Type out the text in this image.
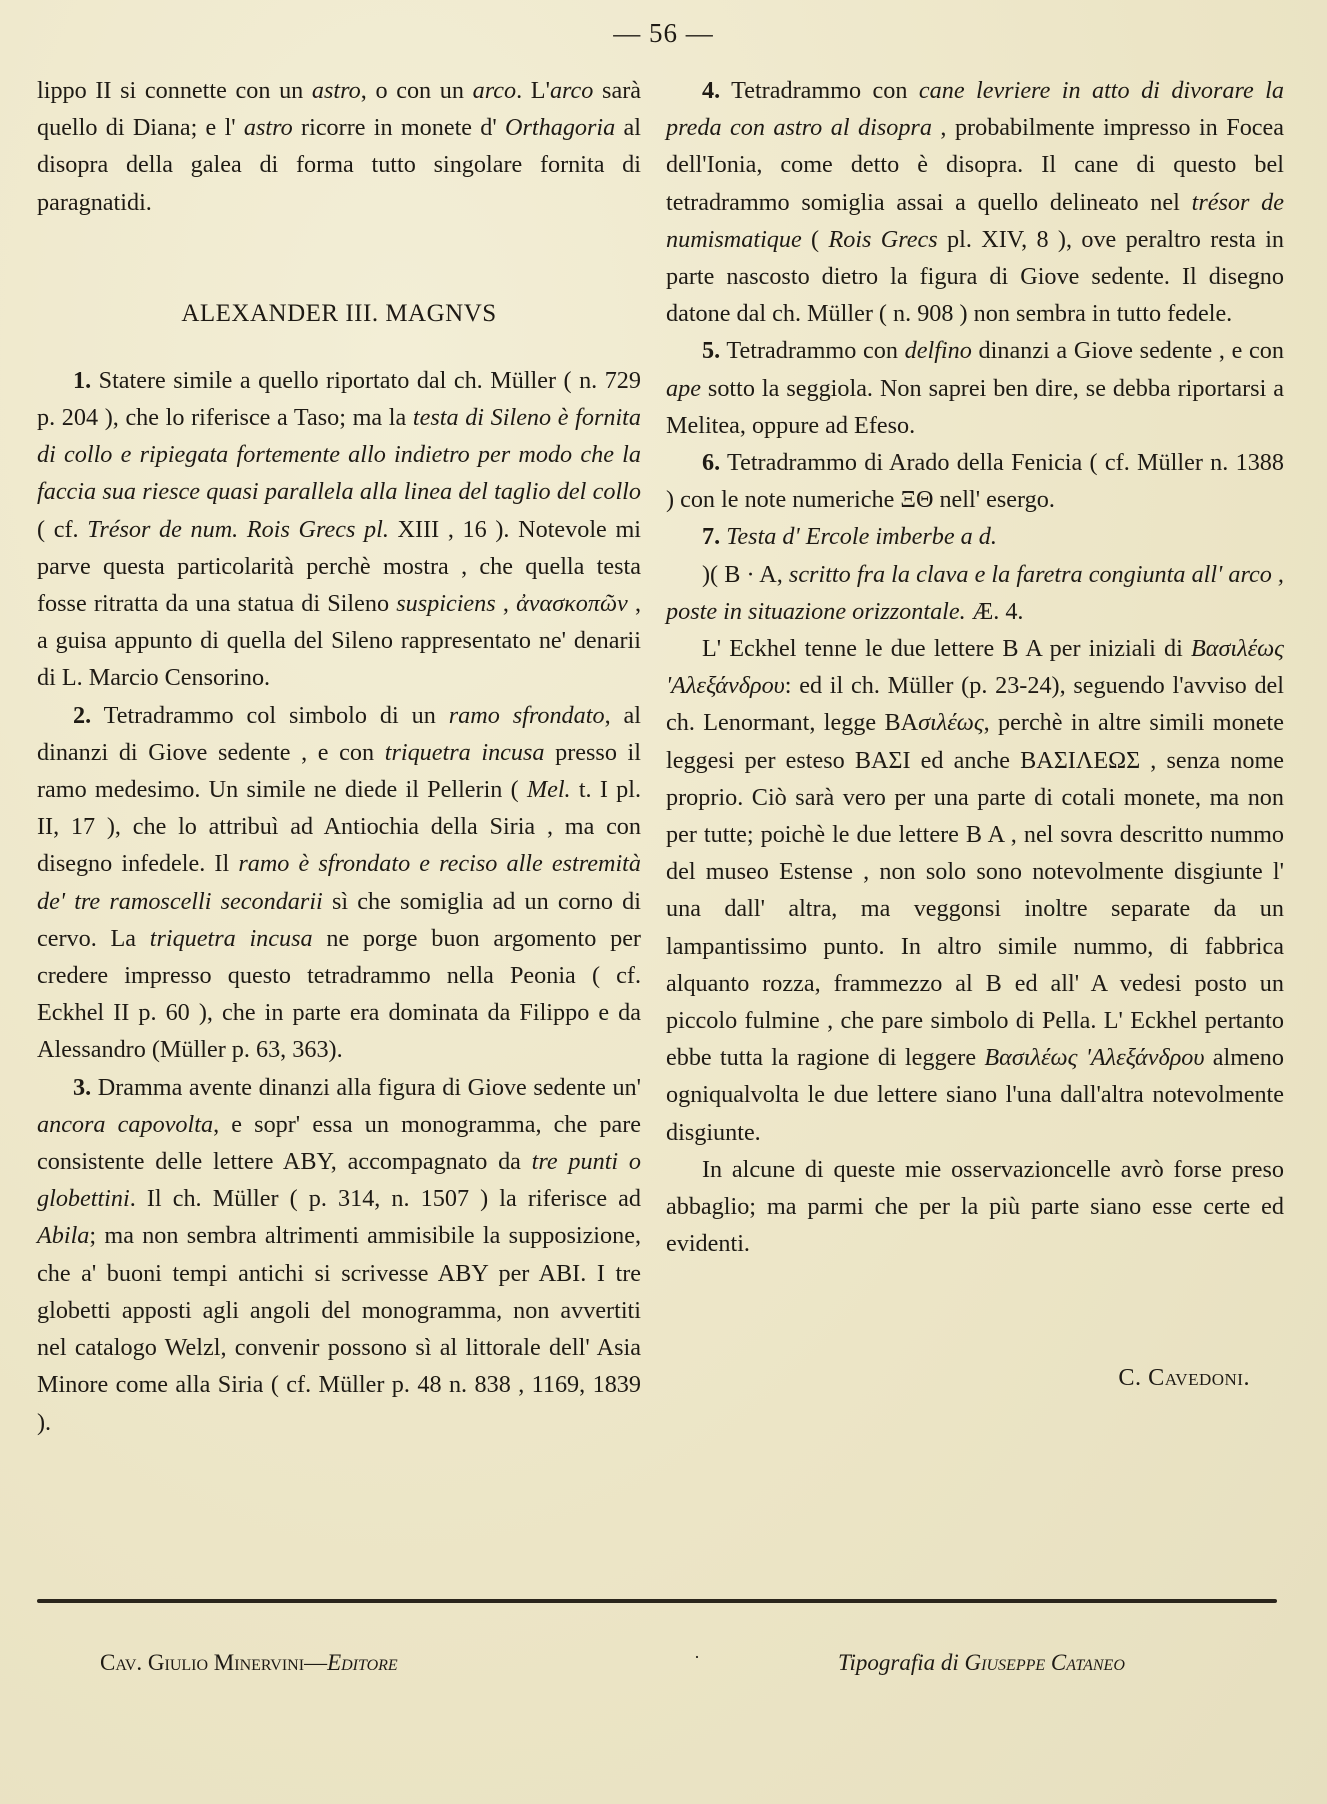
— 56 —

lippo II si connette con un astro, o con un arco. L'arco sarà quello di Diana; e l' astro ricorre in monete d' Orthagoria al disopra della galea di forma tutto singolare fornita di paragnatidi.

ALEXANDER III. MAGNVS

1. Statere simile a quello riportato dal ch. Müller ( n. 729 p. 204 ), che lo riferisce a Taso; ma la testa di Sileno è fornita di collo e ripiegata fortemente allo indietro per modo che la faccia sua riesce quasi parallela alla linea del taglio del collo ( cf. Trésor de num. Rois Grecs pl. XIII , 16 ). Notevole mi parve questa particolarità perchè mostra , che quella testa fosse ritratta da una statua di Sileno suspiciens , ἀνασκοπῶν , a guisa appunto di quella del Sileno rappresentato ne' denarii di L. Marcio Censorino.

2. Tetradrammo col simbolo di un ramo sfrondato, al dinanzi di Giove sedente , e con triquetra incusa presso il ramo medesimo. Un simile ne diede il Pellerin ( Mel. t. I pl. II, 17 ), che lo attribuì ad Antiochia della Siria , ma con disegno infedele. Il ramo è sfrondato e reciso alle estremità de' tre ramoscelli secondarii sì che somiglia ad un corno di cervo. La triquetra incusa ne porge buon argomento per credere impresso questo tetradrammo nella Peonia ( cf. Eckhel II p. 60 ), che in parte era dominata da Filippo e da Alessandro (Müller p. 63, 363).

3. Dramma avente dinanzi alla figura di Giove sedente un' ancora capovolta, e sopr' essa un monogramma, che pare consistente delle lettere ABY, accompagnato da tre punti o globettini. Il ch. Müller ( p. 314, n. 1507 ) la riferisce ad Abila; ma non sembra altrimenti ammisibile la supposizione, che a' buoni tempi antichi si scrivesse ABY per ABI. I tre globetti apposti agli angoli del monogramma, non avvertiti nel catalogo Welzl, convenir possono sì al littorale dell' Asia Minore come alla Siria ( cf. Müller p. 48 n. 838 , 1169, 1839 ).

4. Tetradrammo con cane levriere in atto di divorare la preda con astro al disopra , probabilmente impresso in Focea dell'Ionia, come detto è disopra. Il cane di questo bel tetradrammo somiglia assai a quello delineato nel trésor de numismatique ( Rois Grecs pl. XIV, 8 ), ove peraltro resta in parte nascosto dietro la figura di Giove sedente. Il disegno datone dal ch. Müller ( n. 908 ) non sembra in tutto fedele.

5. Tetradrammo con delfino dinanzi a Giove sedente , e con ape sotto la seggiola. Non saprei ben dire, se debba riportarsi a Melitea, oppure ad Efeso.

6. Tetradrammo di Arado della Fenicia ( cf. Müller n. 1388 ) con le note numeriche ΞΘ nell' esergo.

7. Testa d' Ercole imberbe a d.

)( B · A, scritto fra la clava e la faretra congiunta all' arco , poste in situazione orizzontale. Æ. 4.

L' Eckhel tenne le due lettere B A per iniziali di Βασιλέως 'Αλεξάνδρου: ed il ch. Müller (p. 23-24), seguendo l'avviso del ch. Lenormant, legge ΒΑσιλέως, perchè in altre simili monete leggesi per esteso ΒΑΣΙ ed anche ΒΑΣΙΛΕΩΣ , senza nome proprio. Ciò sarà vero per una parte di cotali monete, ma non per tutte; poichè le due lettere B A , nel sovra descritto nummo del museo Estense , non solo sono notevolmente disgiunte l' una dall' altra, ma veggonsi inoltre separate da un lampantissimo punto. In altro simile nummo, di fabbrica alquanto rozza, frammezzo al B ed all' A vedesi posto un piccolo fulmine , che pare simbolo di Pella. L' Eckhel pertanto ebbe tutta la ragione di leggere Βασιλέως 'Αλεξάνδρου almeno ogniqualvolta le due lettere siano l'una dall'altra notevolmente disgiunte.

In alcune di queste mie osservazioncelle avrò forse preso abbaglio; ma parmi che per la più parte siano esse certe ed evidenti.

C. Cavedoni.
Cav. Giulio Minervini—Editore	·	Tipografia di Giuseppe Cataneo
